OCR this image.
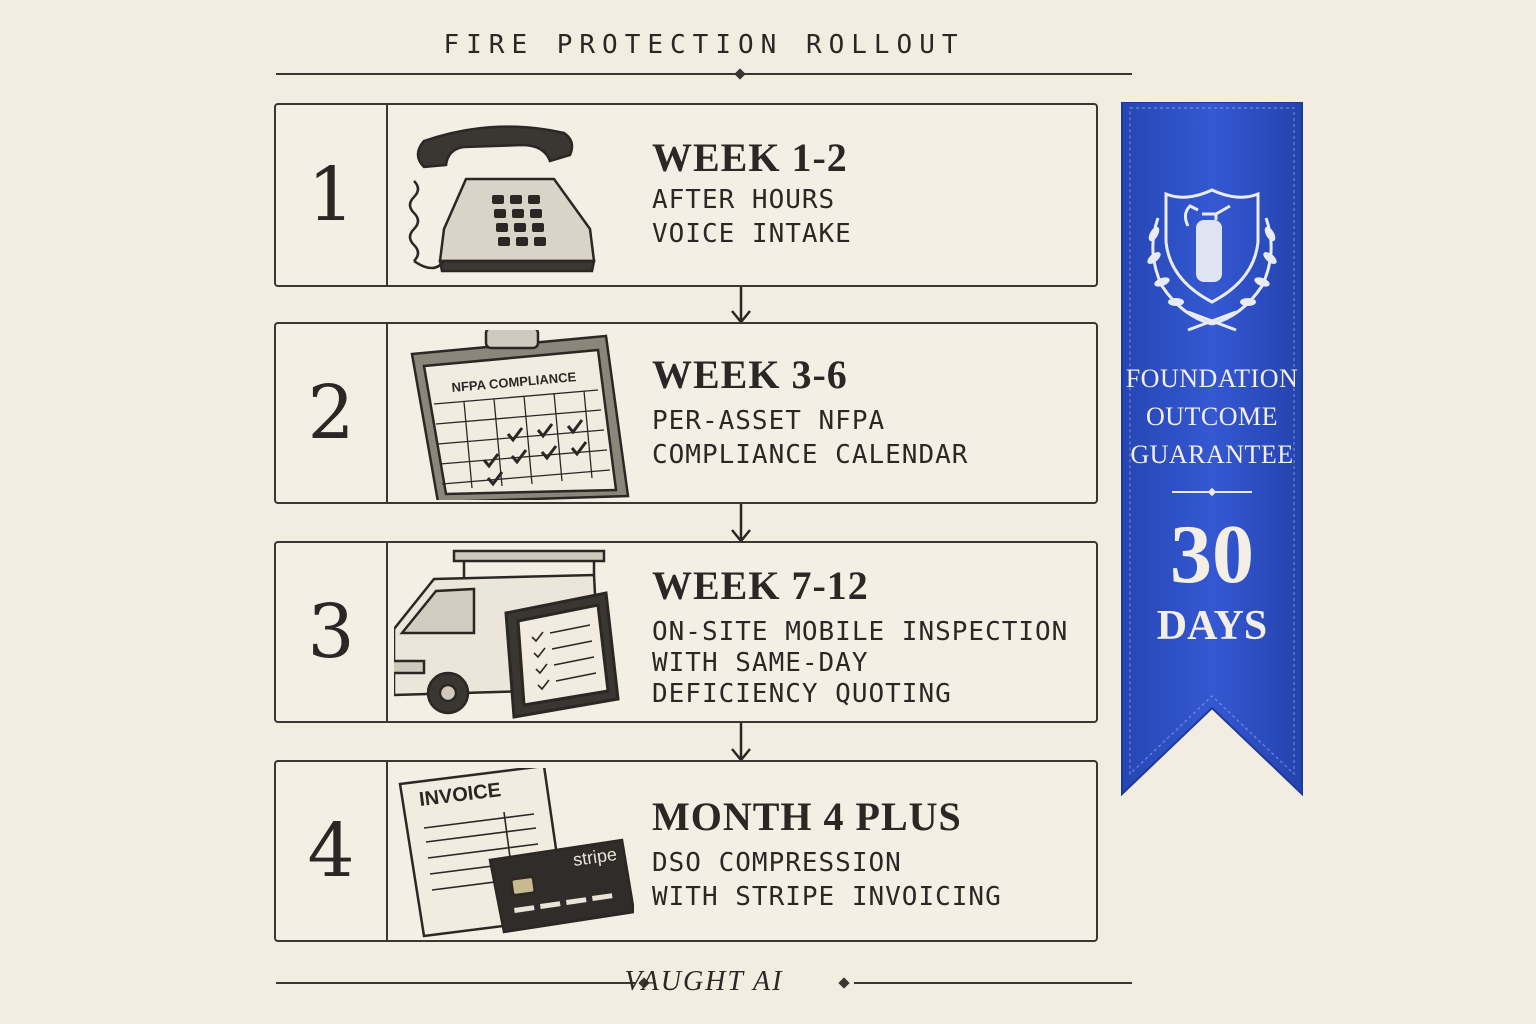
FIRE PROTECTION ROLLOUT
1	WEEK 1-2
AFTER HOURS
VOICE INTAKE
2	NFPA COMPLIANCE WEEK 3-6
PER-ASSET NFPA
COMPLIANCE CALENDAR
3
WEEK 7-12
ON-SITE MOBILE INSPECTION
WITH SAME-DAY
DEFICIENCY QUOTING
4
INVOICE
stripe
MONTH 4 PLUS
DSO COMPRESSION
WITH STRIPE INVOICING
VAUGHT AI
FOUNDATION
OUTCOME
GUARANTEE
30
DAYS
